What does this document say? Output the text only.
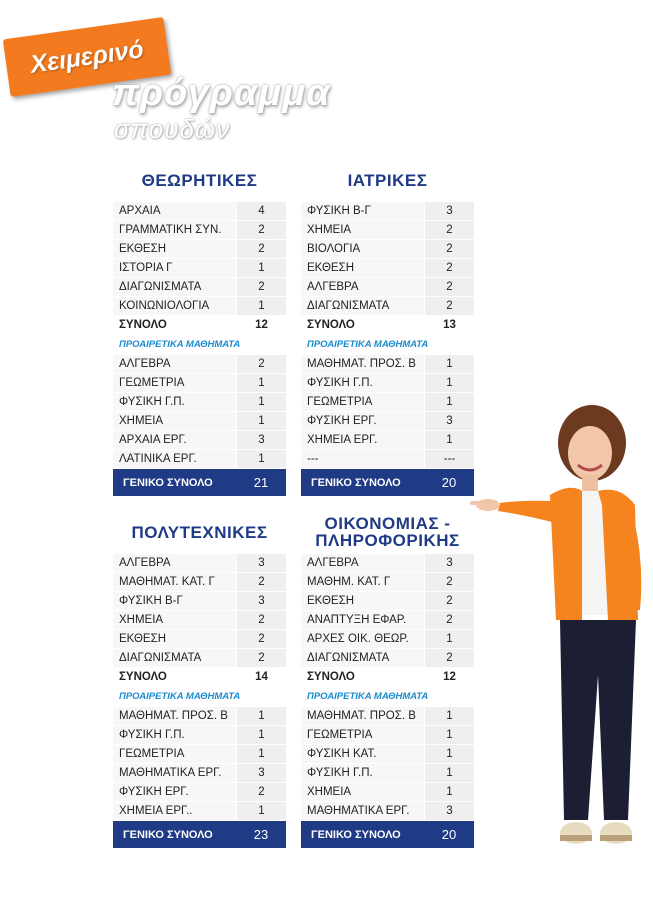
Χειμερινό
πρόγραμμα
σπουδών
ΘΕΩΡΗΤΙΚΕΣ
ΑΡΧΑΙΑ	4
ΓΡΑΜΜΑΤΙΚΗ ΣΥΝ.	2
ΕΚΘΕΣΗ	2
ΙΣΤΟΡΙΑ Γ	1
ΔΙΑΓΩΝΙΣΜΑΤΑ	2
ΚΟΙΝΩΝΙΟΛΟΓΙΑ	1
ΣΥΝΟΛΟ	12
ΠΡΟΑΙΡΕΤΙΚΑ ΜΑΘΗΜΑΤΑ
ΑΛΓΕΒΡΑ	2
ΓΕΩΜΕΤΡΙΑ	1
ΦΥΣΙΚΗ Γ.Π.	1
ΧΗΜΕΙΑ	1
ΑΡΧΑΙΑ ΕΡΓ.	3
ΛΑΤΙΝΙΚΑ ΕΡΓ.	1
ΓΕΝΙΚΟ ΣΥΝΟΛΟ	21
ΙΑΤΡΙΚΕΣ
ΦΥΣΙΚΗ Β-Γ	3
ΧΗΜΕΙΑ	2
ΒΙΟΛΟΓΙΑ	2
ΕΚΘΕΣΗ	2
ΑΛΓΕΒΡΑ	2
ΔΙΑΓΩΝΙΣΜΑΤΑ	2
ΣΥΝΟΛΟ	13
ΠΡΟΑΙΡΕΤΙΚΑ ΜΑΘΗΜΑΤΑ
ΜΑΘΗΜΑΤ. ΠΡΟΣ. Β	1
ΦΥΣΙΚΗ Γ.Π.	1
ΓΕΩΜΕΤΡΙΑ	1
ΦΥΣΙΚΗ ΕΡΓ.	3
ΧΗΜΕΙΑ ΕΡΓ.	1
---	---
ΓΕΝΙΚΟ ΣΥΝΟΛΟ	20
ΠΟΛΥΤΕΧΝΙΚΕΣ
ΑΛΓΕΒΡΑ	3
ΜΑΘΗΜΑΤ. ΚΑΤ. Γ	2
ΦΥΣΙΚΗ Β-Γ	3
ΧΗΜΕΙΑ	2
ΕΚΘΕΣΗ	2
ΔΙΑΓΩΝΙΣΜΑΤΑ	2
ΣΥΝΟΛΟ	14
ΠΡΟΑΙΡΕΤΙΚΑ ΜΑΘΗΜΑΤΑ
ΜΑΘΗΜΑΤ. ΠΡΟΣ. Β	1
ΦΥΣΙΚΗ Γ.Π.	1
ΓΕΩΜΕΤΡΙΑ	1
ΜΑΘΗΜΑΤΙΚΑ ΕΡΓ.	3
ΦΥΣΙΚΗ ΕΡΓ.	2
ΧΗΜΕΙΑ ΕΡΓ..	1
ΓΕΝΙΚΟ ΣΥΝΟΛΟ	23
ΟΙΚΟΝΟΜΙΑΣ - ΠΛΗΡΟΦΟΡΙΚΗΣ
ΑΛΓΕΒΡΑ	3
ΜΑΘΗΜ. ΚΑΤ. Γ	2
ΕΚΘΕΣΗ	2
ΑΝΑΠΤΥΞΗ ΕΦΑΡ.	2
ΑΡΧΕΣ ΟΙΚ. ΘΕΩΡ.	1
ΔΙΑΓΩΝΙΣΜΑΤΑ	2
ΣΥΝΟΛΟ	12
ΠΡΟΑΙΡΕΤΙΚΑ ΜΑΘΗΜΑΤΑ
ΜΑΘΗΜΑΤ. ΠΡΟΣ. Β	1
ΓΕΩΜΕΤΡΙΑ	1
ΦΥΣΙΚΗ ΚΑΤ.	1
ΦΥΣΙΚΗ Γ.Π.	1
ΧΗΜΕΙΑ	1
ΜΑΘΗΜΑΤΙΚΑ ΕΡΓ.	3
ΓΕΝΙΚΟ ΣΥΝΟΛΟ	20
